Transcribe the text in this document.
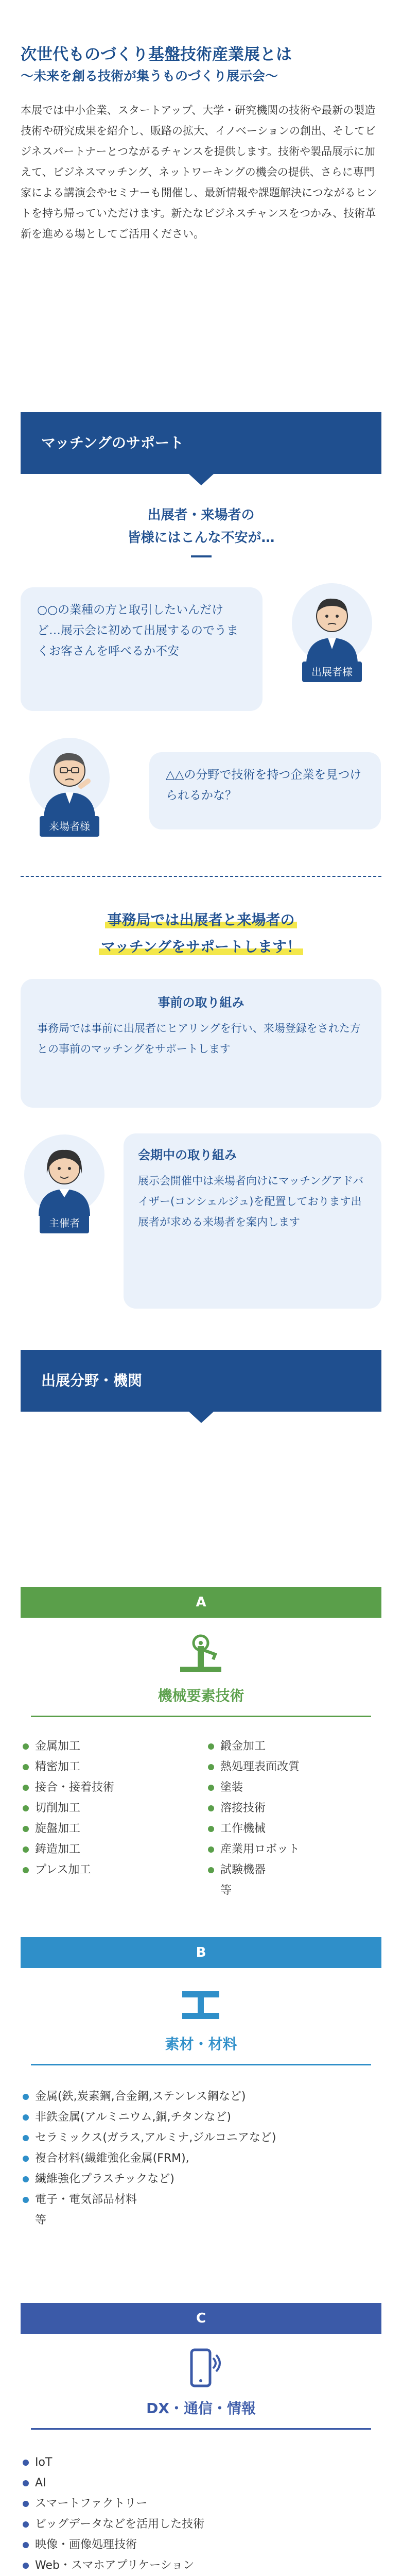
次世代ものづくり基盤技術産業展とは
〜未来を創る技術が集うものづくり展示会〜
本展では中小企業、スタートアップ、大学・研究機関の技術や最新の製造技術や研究成果を紹介し、販路の拡大、イノベーションの創出、そしてビジネスパートナーとつながるチャンスを提供します。技術や製品展示に加えて、ビジネスマッチング、ネットワーキングの機会の提供、さらに専門家による講演会やセミナーも開催し、最新情報や課題解決につながるヒントを持ち帰っていただけます。新たなビジネスチャンスをつかみ、技術革新を進める場としてご活用ください。
マッチングのサポート
出展者・来場者の
皆様にはこんな不安が…
○○の業種の方と取引したいんだけど…展示会に初めて出展するのでうまくお客さんを呼べるか不安
出展者様
来場者様
△△の分野で技術を持つ企業を見つけられるかな？
事務局では出展者と来場者の
マッチングをサポートします！
事前の取り組み
事務局では事前に出展者にヒアリングを行い、来場登録をされた方との事前のマッチングをサポートします
主催者
会期中の取り組み
展示会開催中は来場者向けにマッチングアドバイザー(コンシェルジュ)を配置しております出展者が求める来場者を案内します
出展分野・機関
A
機械要素技術
金属加工
精密加工
接合・接着技術
切削加工
旋盤加工
鋳造加工
プレス加工
鍛金加工
熱処理表面改質
塗装
溶接技術
工作機械
産業用ロボット
試験機器
等
B
素材・材料
金属(鉄,炭素鋼,合金鋼,ステンレス鋼など)
非鉄金属(アルミニウム,銅,チタンなど)
セラミックス(ガラス,アルミナ,ジルコニアなど)
複合材料(繊維強化金属(FRM),
繊維強化プラスチックなど)
電子・電気部品材料
等
C
DX・通信・情報
IoT
AI
スマートファクトリー
ビッグデータなどを活用した技術
映像・画像処理技術
Web・スマホアプリケーション
